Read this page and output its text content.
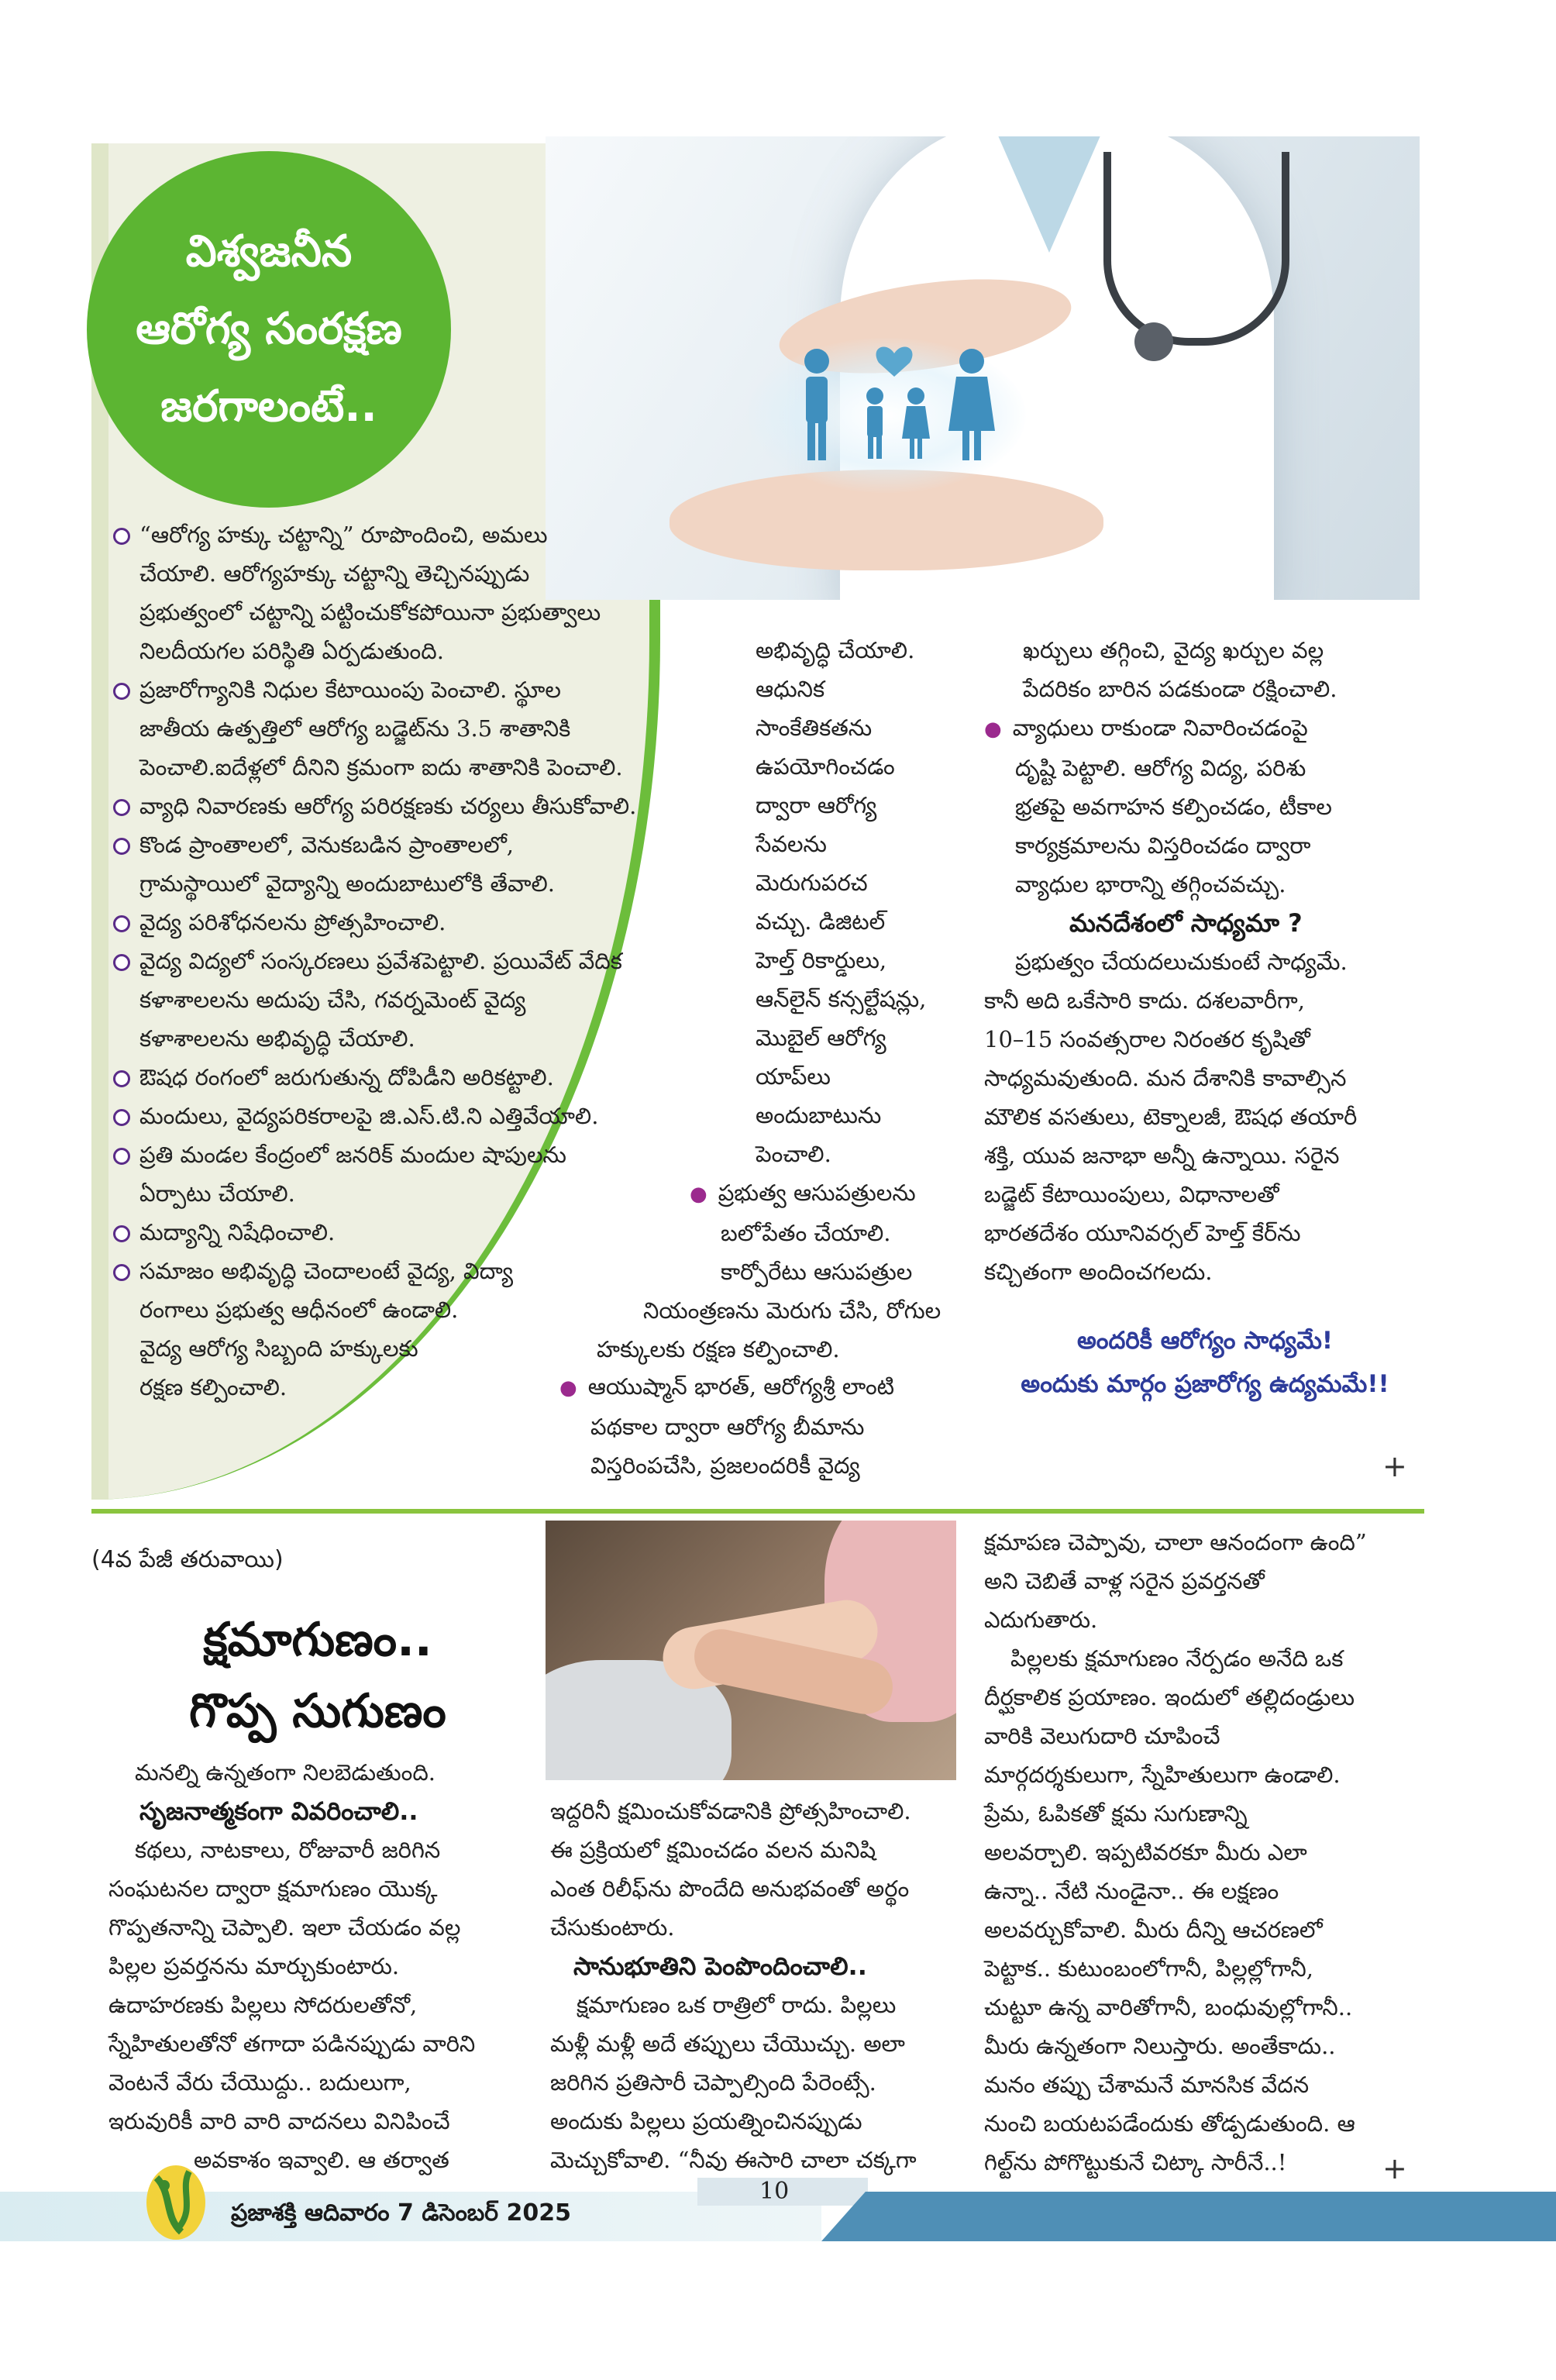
విశ్వజనీన
ఆరోగ్య సంరక్షణ
జరగాలంటే..
“ఆరోగ్య హక్కు చట్టాన్ని” రూపొందించి, అమలు
చేయాలి. ఆరోగ్యహక్కు చట్టాన్ని తెచ్చినప్పుడు
ప్రభుత్వంలో చట్టాన్ని పట్టించుకోకపోయినా ప్రభుత్వాలు
నిలదీయగల పరిస్థితి ఏర్పడుతుంది.
ప్రజారోగ్యానికి నిధుల కేటాయింపు పెంచాలి. స్థూల
జాతీయ ఉత్పత్తిలో ఆరోగ్య బడ్జెట్‌ను 3.5 శాతానికి
పెంచాలి.ఐదేళ్లలో దీనిని క్రమంగా ఐదు శాతానికి పెంచాలి.
వ్యాధి నివారణకు ఆరోగ్య పరిరక్షణకు చర్యలు తీసుకోవాలి.
కొండ ప్రాంతాలలో, వెనుకబడిన ప్రాంతాలలో,
గ్రామస్థాయిలో వైద్యాన్ని అందుబాటులోకి తేవాలి.
వైద్య పరిశోధనలను ప్రోత్సహించాలి.
వైద్య విద్యలో సంస్కరణలు ప్రవేశపెట్టాలి. ప్రయివేట్ వేదిక
కళాశాలలను అదుపు చేసి, గవర్నమెంట్ వైద్య
కళాశాలలను అభివృద్ధి చేయాలి.
ఔషధ రంగంలో జరుగుతున్న దోపిడీని అరికట్టాలి.
మందులు, వైద్యపరికరాలపై జి.ఎస్.టి.ని ఎత్తివేయాలి.
ప్రతి మండల కేంద్రంలో జనరిక్ మందుల షాపులను
ఏర్పాటు చేయాలి.
మద్యాన్ని నిషేధించాలి.
సమాజం అభివృద్ధి చెందాలంటే వైద్య, విద్యా
రంగాలు ప్రభుత్వ ఆధీనంలో ఉండాలి.
వైద్య ఆరోగ్య సిబ్బంది హక్కులకు
రక్షణ కల్పించాలి.

అభివృద్ధి చేయాలి.

ఆధునిక

సాంకేతికతను

ఉపయోగించడం

ద్వారా ఆరోగ్య

సేవలను

మెరుగుపరచ

వచ్చు. డిజిటల్

హెల్త్ రికార్డులు,

ఆన్‌లైన్ కన్సల్టేషన్లు,

మొబైల్ ఆరోగ్య

యాప్‌లు

అందుబాటును

పెంచాలి.

● ప్రభుత్వ ఆసుపత్రులను

బలోపేతం చేయాలి.

కార్పోరేటు ఆసుపత్రుల

నియంత్రణను మెరుగు చేసి, రోగుల

హక్కులకు రక్షణ కల్పించాలి.

● ఆయుష్మాన్ భారత్, ఆరోగ్యశ్రీ లాంటి

పథకాల ద్వారా ఆరోగ్య బీమాను

విస్తరింపచేసి, ప్రజలందరికీ వైద్య

ఖర్చులు తగ్గించి, వైద్య ఖర్చుల వల్ల

పేదరికం బారిన పడకుండా రక్షించాలి.

● వ్యాధులు రాకుండా నివారించడంపై

దృష్టి పెట్టాలి. ఆరోగ్య విద్య, పరిశు

భ్రతపై అవగాహన కల్పించడం, టీకాల

కార్యక్రమాలను విస్తరించడం ద్వారా

వ్యాధుల భారాన్ని తగ్గించవచ్చు.

మనదేశంలో సాధ్యమా ?

ప్రభుత్వం చేయదలుచుకుంటే సాధ్యమే.

కానీ అది ఒకేసారి కాదు. దశలవారీగా,

10–15 సంవత్సరాల నిరంతర కృషితో

సాధ్యమవుతుంది. మన దేశానికి కావాల్సిన

మౌలిక వసతులు, టెక్నాలజీ, ఔషధ తయారీ

శక్తి, యువ జనాభా అన్నీ ఉన్నాయి. సరైన

బడ్జెట్ కేటాయింపులు, విధానాలతో

భారతదేశం యూనివర్సల్ హెల్త్ కేర్‌ను

కచ్చితంగా అందించగలదు.

అందరికీ ఆరోగ్యం సాధ్యమే!
అందుకు మార్గం ప్రజారోగ్య ఉద్యమమే!!
+
(4వ పేజీ తరువాయి)
క్షమాగుణం..
గొప్ప సుగుణం

మనల్ని ఉన్నతంగా నిలబెడుతుంది.

సృజనాత్మకంగా వివరించాలి..

కథలు, నాటకాలు, రోజువారీ జరిగిన

సంఘటనల ద్వారా క్షమాగుణం యొక్క

గొప్పతనాన్ని చెప్పాలి. ఇలా చేయడం వల్ల

పిల్లల ప్రవర్తనను మార్చుకుంటారు.

ఉదాహరణకు పిల్లలు సోదరులతోనో,

స్నేహితులతోనో తగాదా పడినప్పుడు వారిని

వెంటనే వేరు చేయొద్దు.. బదులుగా,

ఇరువురికీ వారి వారి వాదనలు వినిపించే

అవకాశం ఇవ్వాలి. ఆ తర్వాత

ఇద్దరినీ క్షమించుకోవడానికి ప్రోత్సహించాలి.

ఈ ప్రక్రియలో క్షమించడం వలన మనిషి

ఎంత రిలీఫ్‌ను పొందేది అనుభవంతో అర్థం

చేసుకుంటారు.

సానుభూతిని పెంపొందించాలి..

క్షమాగుణం ఒక రాత్రిలో రాదు. పిల్లలు

మళ్లీ మళ్లీ అదే తప్పులు చేయొచ్చు. అలా

జరిగిన ప్రతిసారీ చెప్పాల్సింది పేరెంట్సే.

అందుకు పిల్లలు ప్రయత్నించినప్పుడు

మెచ్చుకోవాలి. “నీవు ఈసారి చాలా చక్కగా

క్షమాపణ చెప్పావు, చాలా ఆనందంగా ఉంది”

అని చెబితే వాళ్ల సరైన ప్రవర్తనతో

ఎదుగుతారు.

పిల్లలకు క్షమాగుణం నేర్పడం అనేది ఒక

దీర్ఘకాలిక ప్రయాణం. ఇందులో తల్లిదండ్రులు

వారికి వెలుగుదారి చూపించే

మార్గదర్శకులుగా, స్నేహితులుగా ఉండాలి.

ప్రేమ, ఓపికతో క్షమ సుగుణాన్ని

అలవర్చాలి. ఇప్పటివరకూ మీరు ఎలా

ఉన్నా.. నేటి నుండైనా.. ఈ లక్షణం

అలవర్చుకోవాలి. మీరు దీన్ని ఆచరణలో

పెట్టాక.. కుటుంబంలోగానీ, పిల్లల్లోగానీ,

చుట్టూ ఉన్న వారితోగానీ, బంధువుల్లోగానీ..

మీరు ఉన్నతంగా నిలుస్తారు. అంతేకాదు..

మనం తప్పు చేశామనే మానసిక వేదన

నుంచి బయటపడేందుకు తోడ్పడుతుంది. ఆ

గిల్ట్‌ను పోగొట్టుకునే చిట్కా సారీనే..!	+
ప్రజాశక్తి ఆదివారం 7 డిసెంబర్ 2025
10
